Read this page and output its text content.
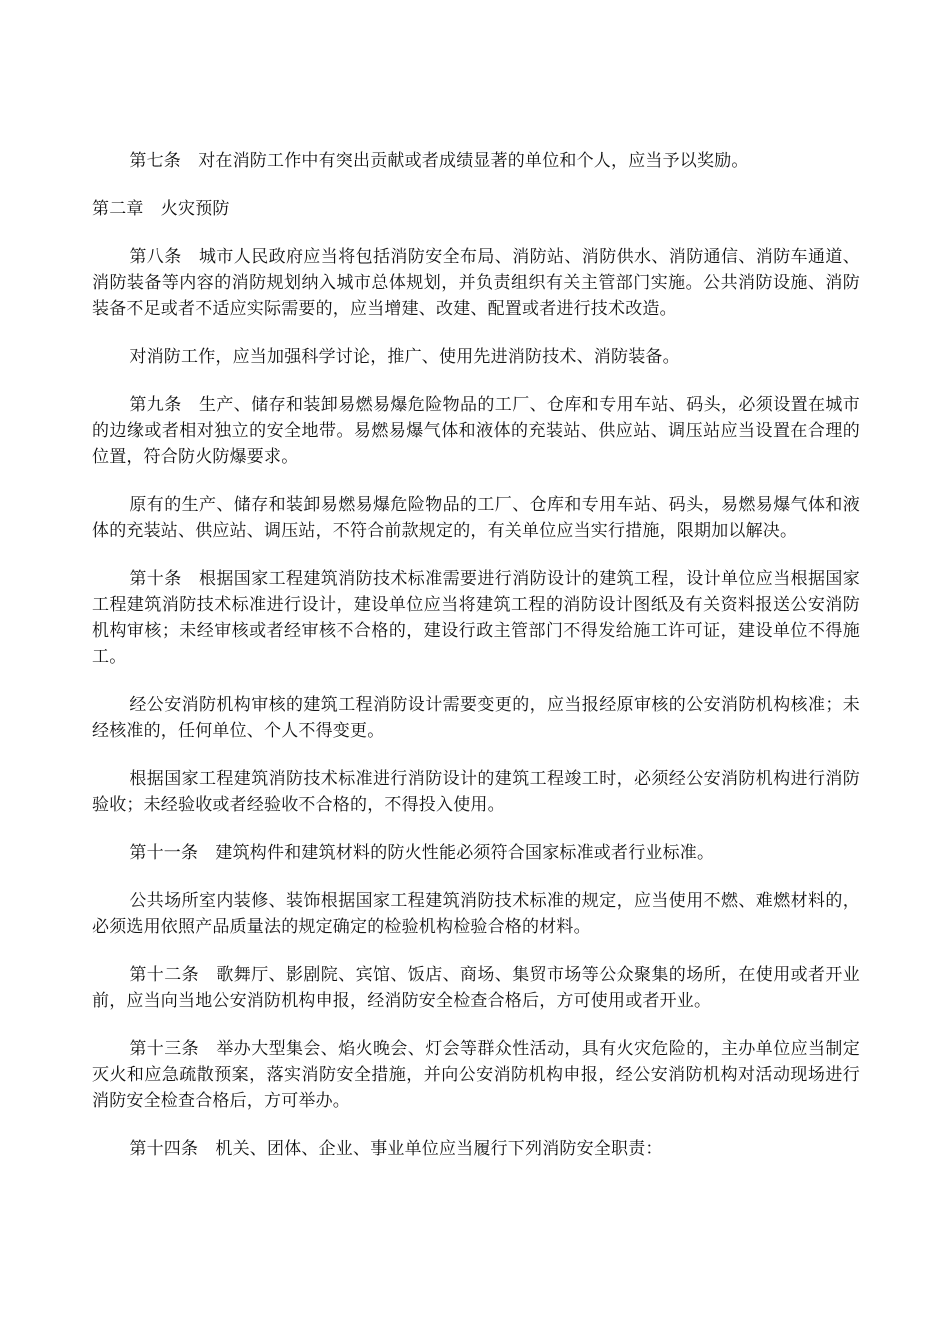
第七条　对在消防工作中有突出贡献或者成绩显著的单位和个人，应当予以奖励。

第二章　火灾预防

第八条　城市人民政府应当将包括消防安全布局、消防站、消防供水、消防通信、消防车通道、消防装备等内容的消防规划纳入城市总体规划，并负责组织有关主管部门实施。公共消防设施、消防装备不足或者不适应实际需要的，应当增建、改建、配置或者进行技术改造。

对消防工作，应当加强科学讨论，推广、使用先进消防技术、消防装备。

第九条　生产、储存和装卸易燃易爆危险物品的工厂、仓库和专用车站、码头，必须设置在城市的边缘或者相对独立的安全地带。易燃易爆气体和液体的充装站、供应站、调压站应当设置在合理的位置，符合防火防爆要求。

原有的生产、储存和装卸易燃易爆危险物品的工厂、仓库和专用车站、码头，易燃易爆气体和液体的充装站、供应站、调压站，不符合前款规定的，有关单位应当实行措施，限期加以解决。

第十条　根据国家工程建筑消防技术标准需要进行消防设计的建筑工程，设计单位应当根据国家工程建筑消防技术标准进行设计，建设单位应当将建筑工程的消防设计图纸及有关资料报送公安消防机构审核；未经审核或者经审核不合格的，建设行政主管部门不得发给施工许可证，建设单位不得施工。

经公安消防机构审核的建筑工程消防设计需要变更的，应当报经原审核的公安消防机构核准；未经核准的，任何单位、个人不得变更。

根据国家工程建筑消防技术标准进行消防设计的建筑工程竣工时，必须经公安消防机构进行消防验收；未经验收或者经验收不合格的，不得投入使用。

第十一条　建筑构件和建筑材料的防火性能必须符合国家标准或者行业标准。

公共场所室内装修、装饰根据国家工程建筑消防技术标准的规定，应当使用不燃、难燃材料的，必须选用依照产品质量法的规定确定的检验机构检验合格的材料。

第十二条　歌舞厅、影剧院、宾馆、饭店、商场、集贸市场等公众聚集的场所，在使用或者开业前，应当向当地公安消防机构申报，经消防安全检查合格后，方可使用或者开业。

第十三条　举办大型集会、焰火晚会、灯会等群众性活动，具有火灾危险的，主办单位应当制定灭火和应急疏散预案，落实消防安全措施，并向公安消防机构申报，经公安消防机构对活动现场进行消防安全检查合格后，方可举办。

第十四条　机关、团体、企业、事业单位应当履行下列消防安全职责：
